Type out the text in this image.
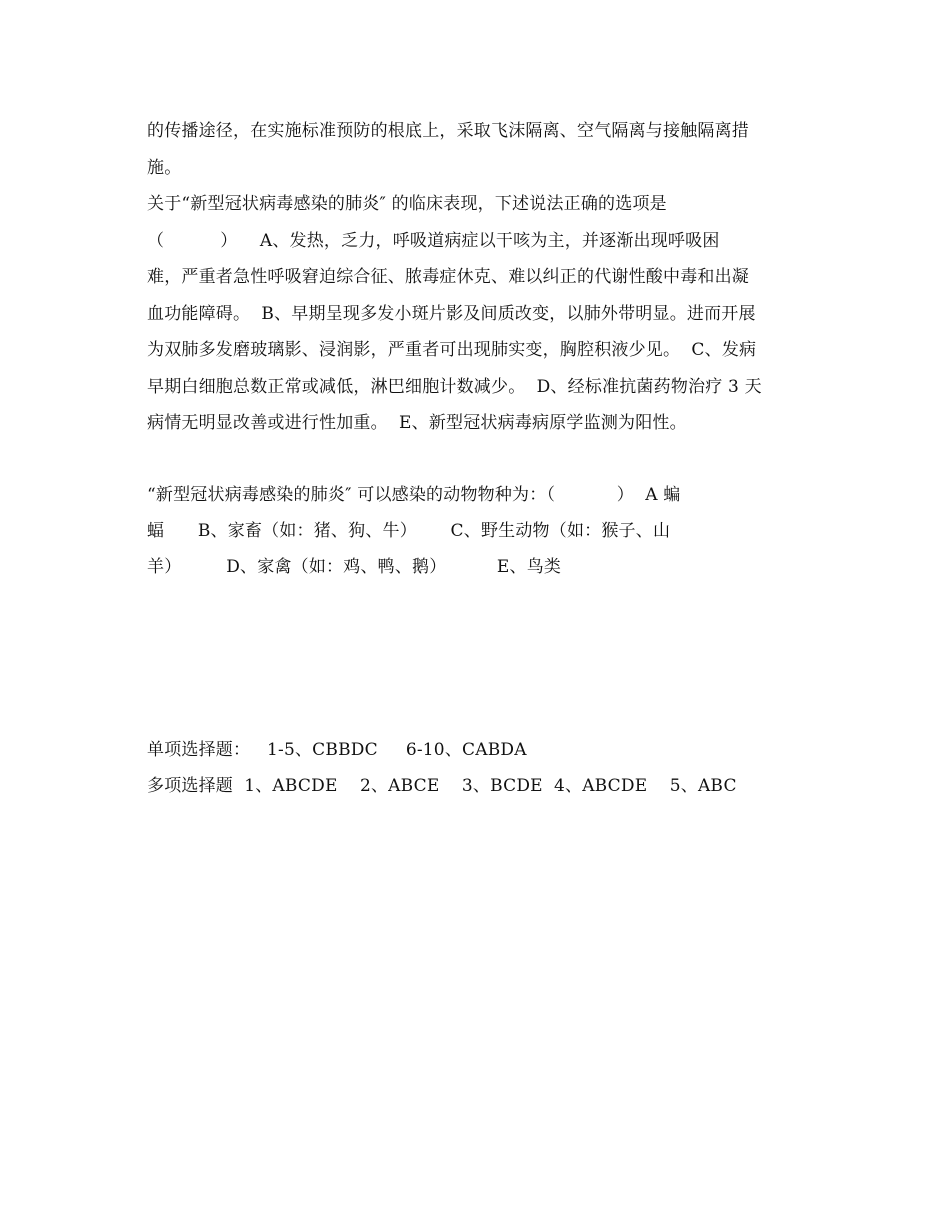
的传播途径，在实施标准预防的根底上，采取飞沫隔离、空气隔离与接触隔离措
施。
关于“新型冠状病毒感染的肺炎″ 的临床表现，下述说法正确的选项是
（          ）    A、发热，乏力，呼吸道病症以干咳为主，并逐渐出现呼吸困
难，严重者急性呼吸窘迫综合征、脓毒症休克、难以纠正的代谢性酸中毒和出凝
血功能障碍。  B、早期呈现多发小斑片影及间质改变，以肺外带明显。进而开展
为双肺多发磨玻璃影、浸润影，严重者可出现肺实变，胸腔积液少见。  C、发病
早期白细胞总数正常或减低，淋巴细胞计数减少。  D、经标准抗菌药物治疗 3 天
病情无明显改善或进行性加重。  E、新型冠状病毒病原学监测为阳性。
“新型冠状病毒感染的肺炎″ 可以感染的动物物种为：（           ）  A 蝙
蝠      B、家畜（如：猪、狗、牛）      C、野生动物（如：猴子、山
羊）        D、家禽（如：鸡、鸭、鹅）         E、鸟类
单项选择题：   1-5、CBBDC     6-10、CABDA
多项选择题  1、ABCDE    2、ABCE    3、BCDE  4、ABCDE    5、ABC
